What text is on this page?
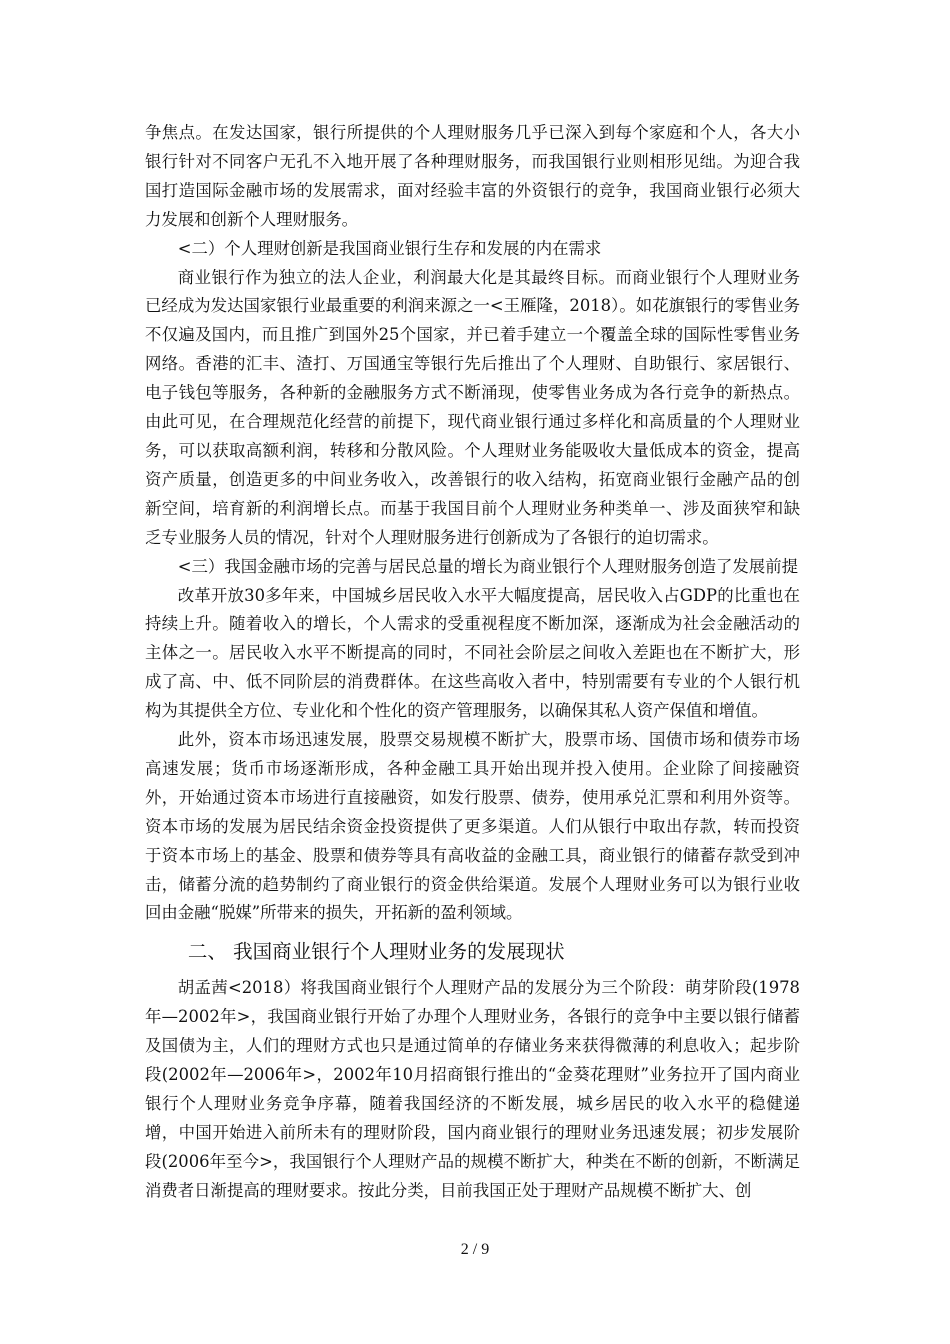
争焦点。在发达国家，银行所提供的个人理财服务几乎已深入到每个家庭和个人，各大小银行针对不同客户无孔不入地开展了各种理财服务，而我国银行业则相形见绌。为迎合我国打造国际金融市场的发展需求，面对经验丰富的外资银行的竞争，我国商业银行必须大力发展和创新个人理财服务。

<二）个人理财创新是我国商业银行生存和发展的内在需求

商业银行作为独立的法人企业，利润最大化是其最终目标。而商业银行个人理财业务已经成为发达国家银行业最重要的利润来源之一<王雁隆，2018）。如花旗银行的零售业务不仅遍及国内，而且推广到国外25个国家，并已着手建立一个覆盖全球的国际性零售业务网络。香港的汇丰、渣打、万国通宝等银行先后推出了个人理财、自助银行、家居银行、电子钱包等服务，各种新的金融服务方式不断涌现，使零售业务成为各行竞争的新热点。由此可见，在合理规范化经营的前提下，现代商业银行通过多样化和高质量的个人理财业务，可以获取高额利润，转移和分散风险。个人理财业务能吸收大量低成本的资金，提高资产质量，创造更多的中间业务收入，改善银行的收入结构，拓宽商业银行金融产品的创新空间，培育新的利润增长点。而基于我国目前个人理财业务种类单一、涉及面狭窄和缺乏专业服务人员的情况，针对个人理财服务进行创新成为了各银行的迫切需求。

<三）我国金融市场的完善与居民总量的增长为商业银行个人理财服务创造了发展前提

改革开放30多年来，中国城乡居民收入水平大幅度提高，居民收入占GDP的比重也在持续上升。随着收入的增长，个人需求的受重视程度不断加深，逐渐成为社会金融活动的主体之一。居民收入水平不断提高的同时，不同社会阶层之间收入差距也在不断扩大，形成了高、中、低不同阶层的消费群体。在这些高收入者中，特别需要有专业的个人银行机构为其提供全方位、专业化和个性化的资产管理服务，以确保其私人资产保值和增值。

此外，资本市场迅速发展，股票交易规模不断扩大，股票市场、国债市场和债券市场高速发展；货币市场逐渐形成，各种金融工具开始出现并投入使用。企业除了间接融资外，开始通过资本市场进行直接融资，如发行股票、债券，使用承兑汇票和利用外资等。资本市场的发展为居民结余资金投资提供了更多渠道。人们从银行中取出存款，转而投资于资本市场上的基金、股票和债券等具有高收益的金融工具，商业银行的储蓄存款受到冲击，储蓄分流的趋势制约了商业银行的资金供给渠道。发展个人理财业务可以为银行业收回由金融“脱媒”所带来的损失，开拓新的盈利领域。

二、 我国商业银行个人理财业务的发展现状

胡孟茜<2018）将我国商业银行个人理财产品的发展分为三个阶段：萌芽阶段(1978年—2002年>，我国商业银行开始了办理个人理财业务，各银行的竞争中主要以银行储蓄及国债为主，人们的理财方式也只是通过简单的存储业务来获得微薄的利息收入；起步阶段(2002年—2006年>，2002年10月招商银行推出的“金葵花理财”业务拉开了国内商业银行个人理财业务竞争序幕，随着我国经济的不断发展，城乡居民的收入水平的稳健递增，中国开始进入前所未有的理财阶段，国内商业银行的理财业务迅速发展；初步发展阶段(2006年至今>，我国银行个人理财产品的规模不断扩大，种类在不断的创新，不断满足消费者日渐提高的理财要求。按此分类，目前我国正处于理财产品规模不断扩大、创

2 / 9
